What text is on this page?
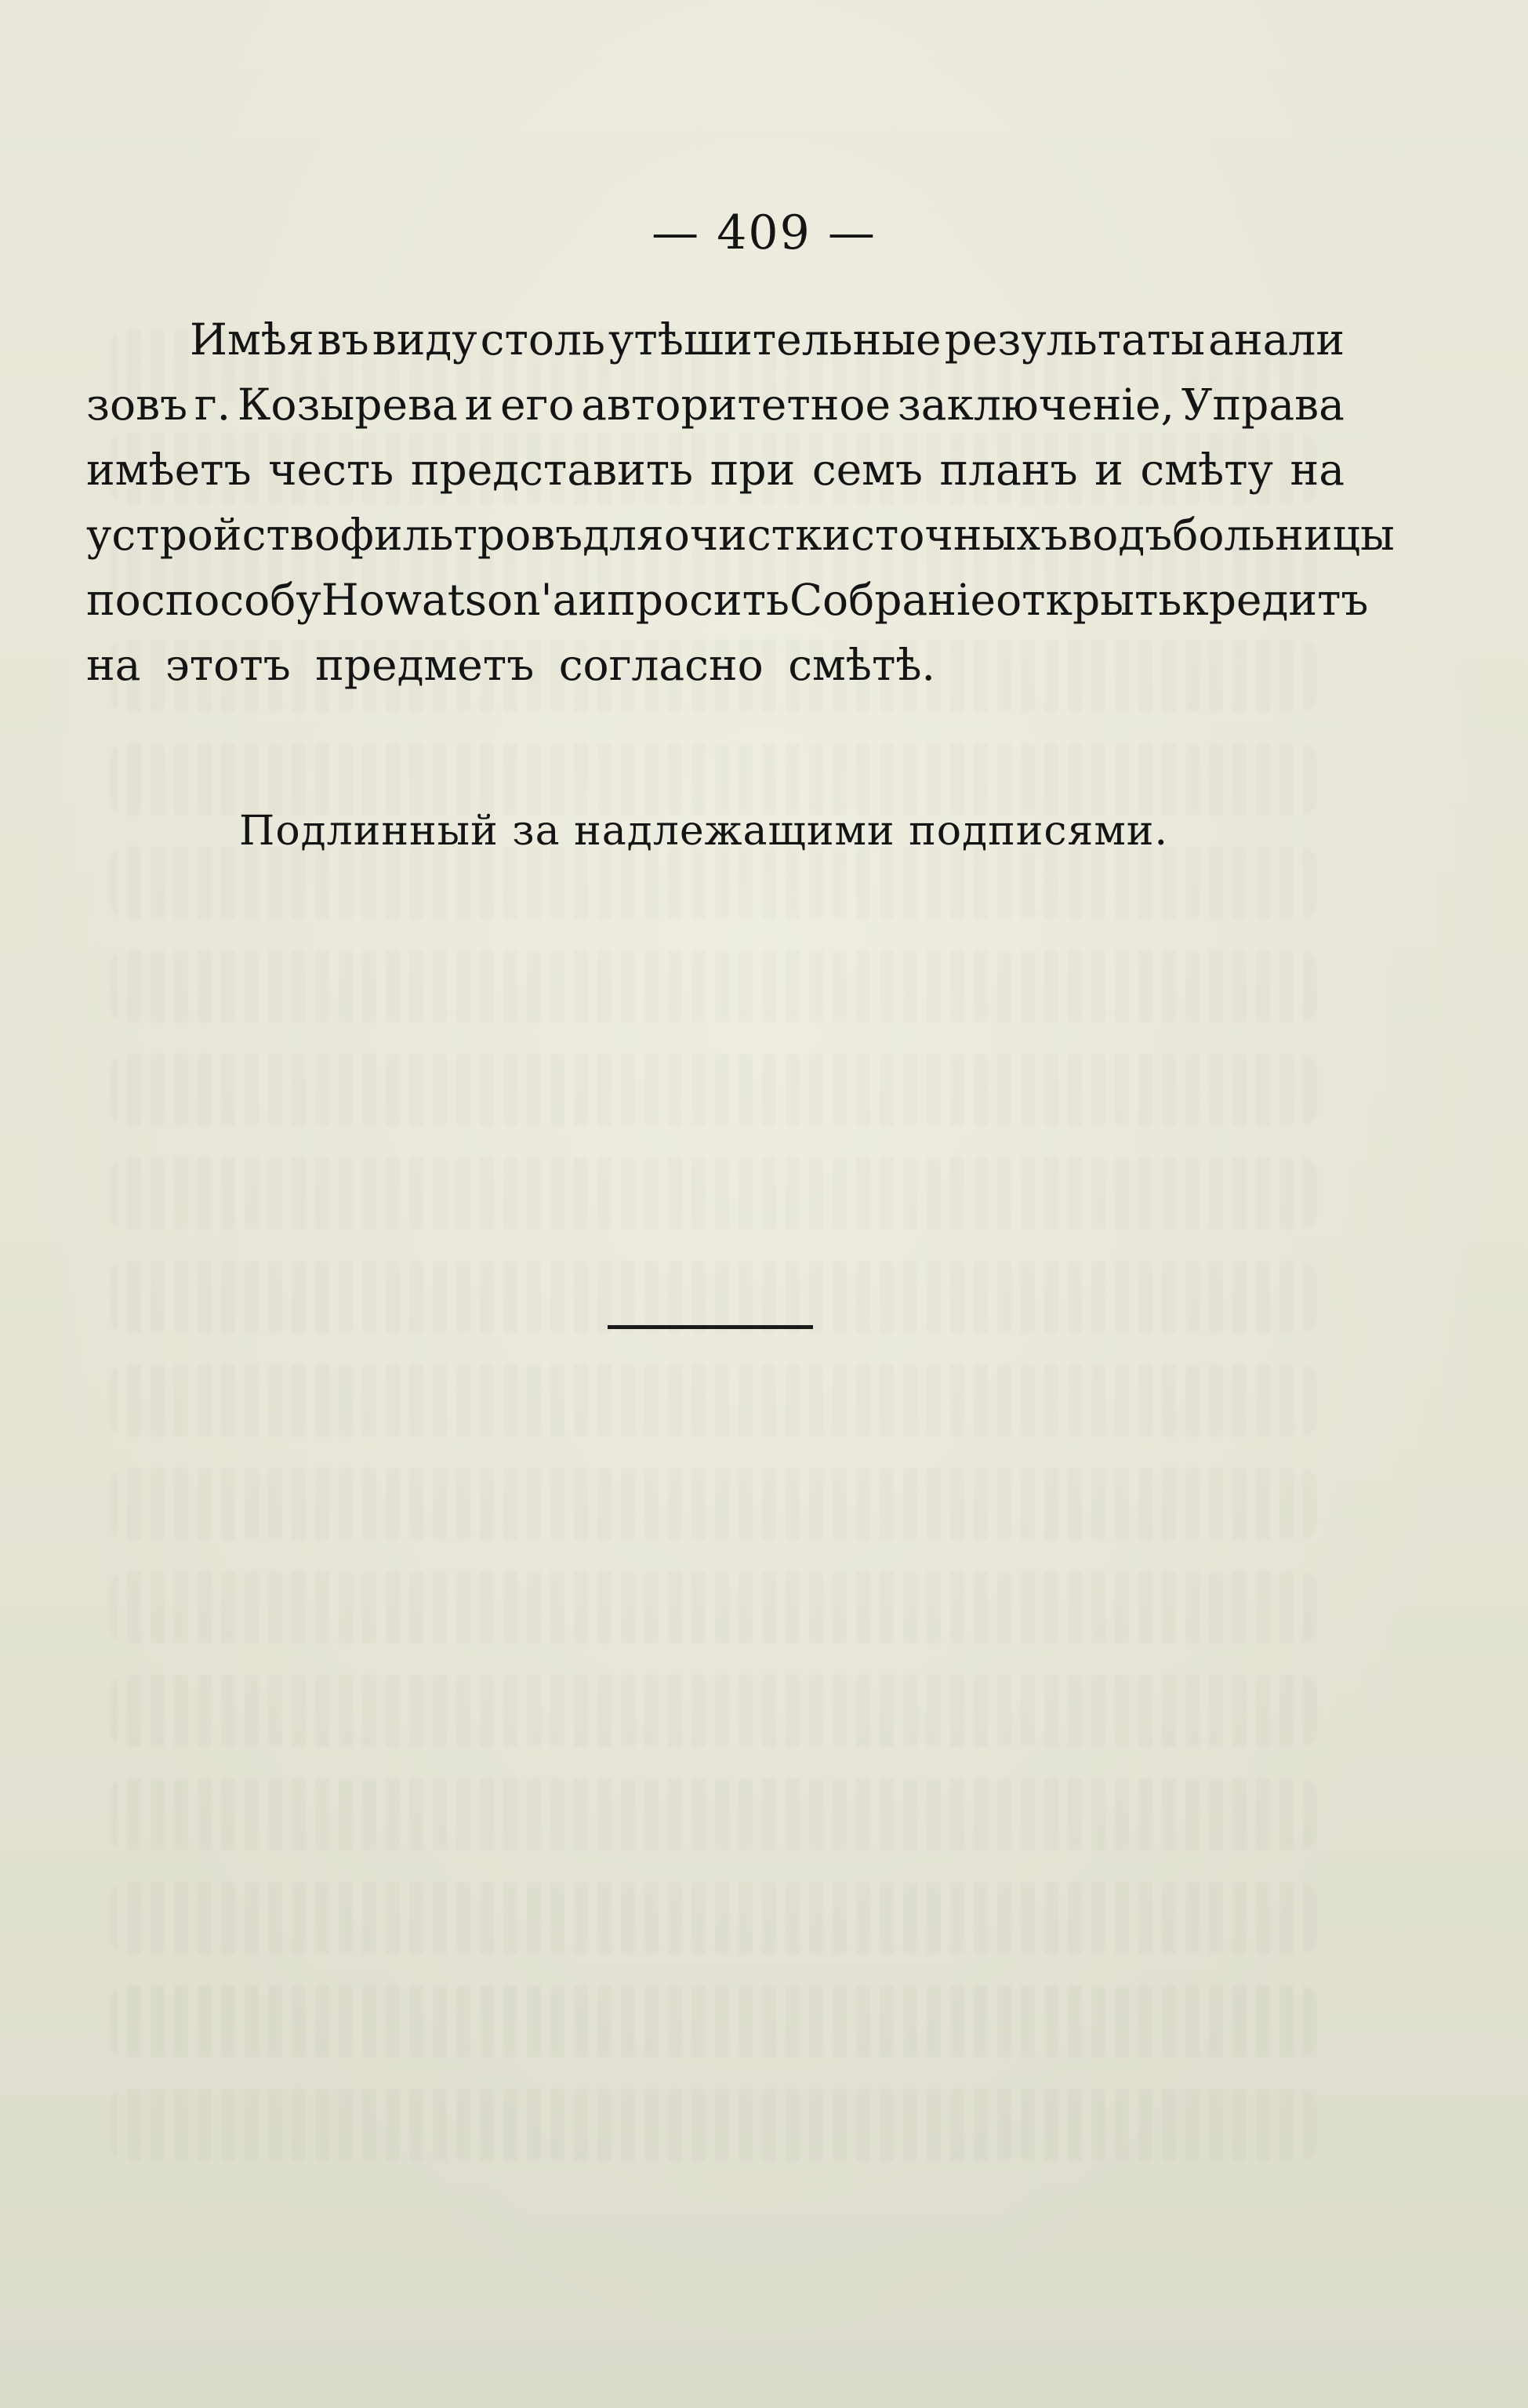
— 409 —
Имѣя въ виду столь утѣшительные результаты анали
зовъ г. Козырева и его авторитетное заключеніе, Управа
имѣетъ честь представить при семъ планъ и смѣту на
устройство фильтровъ для очистки сточныхъ водъ больницы
по способу Howatson'a и просить Собраніе открыть кредитъ
на этотъ предметъ согласно смѣтѣ.
Подлинный за надлежащими подписями.
